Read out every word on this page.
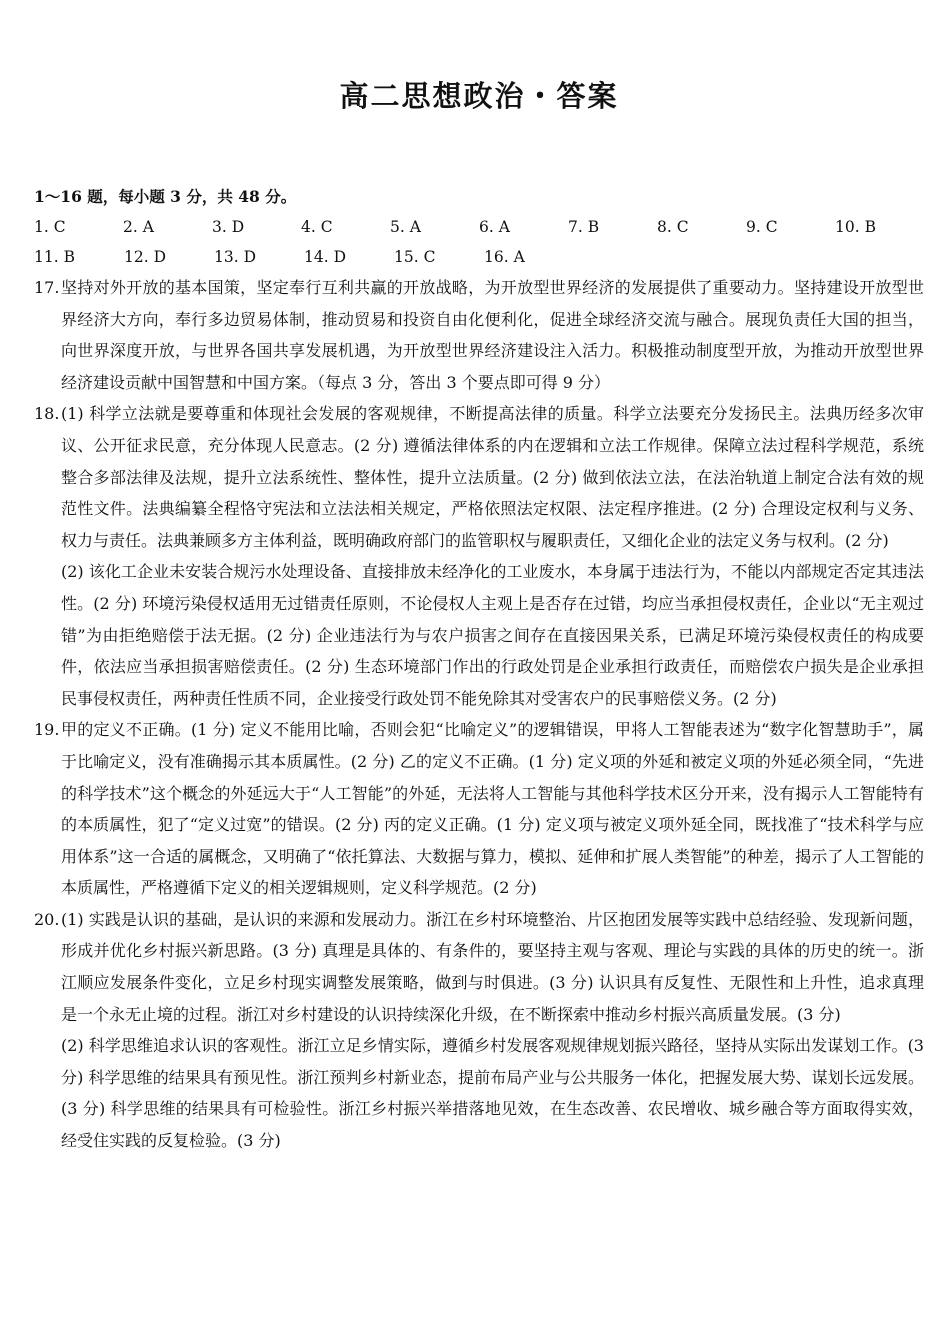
高二思想政治・答案
1～16 题，每小题 3 分，共 48 分。
1. C	2. A	3. D	4. C	5. A	6. A	7. B	8. C	9. C	10. B
11. B	12. D	13. D	14. D	15. C	16. A
17. 坚持对外开放的基本国策，坚定奉行互利共赢的开放战略，为开放型世界经济的发展提供了重要动力。坚持建设开放型世界经济大方向，奉行多边贸易体制，推动贸易和投资自由化便利化，促进全球经济交流与融合。展现负责任大国的担当，向世界深度开放，与世界各国共享发展机遇，为开放型世界经济建设注入活力。积极推动制度型开放，为推动开放型世界经济建设贡献中国智慧和中国方案。（每点 3 分，答出 3 个要点即可得 9 分）

18. (1) 科学立法就是要尊重和体现社会发展的客观规律，不断提高法律的质量。科学立法要充分发扬民主。法典历经多次审议、公开征求民意，充分体现人民意志。(2 分) 遵循法律体系的内在逻辑和立法工作规律。保障立法过程科学规范，系统整合多部法律及法规，提升立法系统性、整体性，提升立法质量。(2 分) 做到依法立法，在法治轨道上制定合法有效的规范性文件。法典编纂全程恪守宪法和立法法相关规定，严格依照法定权限、法定程序推进。(2 分) 合理设定权利与义务、权力与责任。法典兼顾多方主体利益，既明确政府部门的监管职权与履职责任，又细化企业的法定义务与权利。(2 分)

(2) 该化工企业未安装合规污水处理设备、直接排放未经净化的工业废水，本身属于违法行为，不能以内部规定否定其违法性。(2 分) 环境污染侵权适用无过错责任原则，不论侵权人主观上是否存在过错，均应当承担侵权责任，企业以“无主观过错”为由拒绝赔偿于法无据。(2 分) 企业违法行为与农户损害之间存在直接因果关系，已满足环境污染侵权责任的构成要件，依法应当承担损害赔偿责任。(2 分) 生态环境部门作出的行政处罚是企业承担行政责任，而赔偿农户损失是企业承担民事侵权责任，两种责任性质不同，企业接受行政处罚不能免除其对受害农户的民事赔偿义务。(2 分)

19. 甲的定义不正确。(1 分) 定义不能用比喻，否则会犯“比喻定义”的逻辑错误，甲将人工智能表述为“数字化智慧助手”，属于比喻定义，没有准确揭示其本质属性。(2 分) 乙的定义不正确。(1 分) 定义项的外延和被定义项的外延必须全同，“先进的科学技术”这个概念的外延远大于“人工智能”的外延，无法将人工智能与其他科学技术区分开来，没有揭示人工智能特有的本质属性，犯了“定义过宽”的错误。(2 分) 丙的定义正确。(1 分) 定义项与被定义项外延全同，既找准了“技术科学与应用体系”这一合适的属概念，又明确了“依托算法、大数据与算力，模拟、延伸和扩展人类智能”的种差，揭示了人工智能的本质属性，严格遵循下定义的相关逻辑规则，定义科学规范。(2 分)

20. (1) 实践是认识的基础，是认识的来源和发展动力。浙江在乡村环境整治、片区抱团发展等实践中总结经验、发现新问题，形成并优化乡村振兴新思路。(3 分) 真理是具体的、有条件的，要坚持主观与客观、理论与实践的具体的历史的统一。浙江顺应发展条件变化，立足乡村现实调整发展策略，做到与时俱进。(3 分) 认识具有反复性、无限性和上升性，追求真理是一个永无止境的过程。浙江对乡村建设的认识持续深化升级，在不断探索中推动乡村振兴高质量发展。(3 分)

(2) 科学思维追求认识的客观性。浙江立足乡情实际，遵循乡村发展客观规律规划振兴路径，坚持从实际出发谋划工作。(3 分) 科学思维的结果具有预见性。浙江预判乡村新业态，提前布局产业与公共服务一体化，把握发展大势、谋划长远发展。(3 分) 科学思维的结果具有可检验性。浙江乡村振兴举措落地见效，在生态改善、农民增收、城乡融合等方面取得实效，经受住实践的反复检验。(3 分)
